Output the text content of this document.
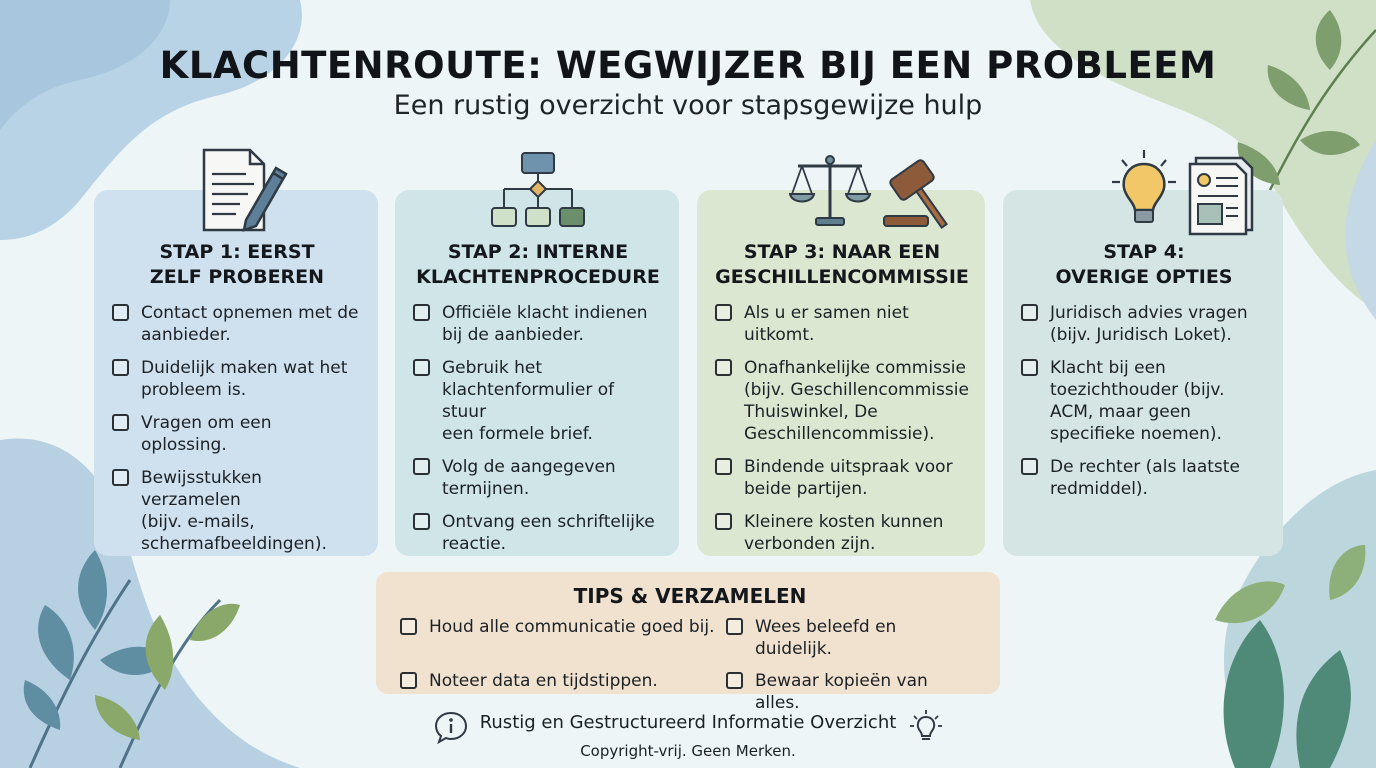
KLACHTENROUTE: WEGWIJZER BIJ EEN PROBLEEM
Een rustig overzicht voor stapsgewijze hulp
STAP 1: EERST
ZELF PROBEREN
Contact opnemen met de
aanbieder.
Duidelijk maken wat het
probleem is.
Vragen om een oplossing.
Bewijsstukken verzamelen
(bijv. e-mails,
schermafbeeldingen).
STAP 2: INTERNE
KLACHTENPROCEDURE
Officiële klacht indienen
bij de aanbieder.
Gebruik het
klachtenformulier of stuur
een formele brief.
Volg de aangegeven
termijnen.
Ontvang een schriftelijke
reactie.
STAP 3: NAAR EEN
GESCHILLENCOMMISSIE
Als u er samen niet uitkomt.
Onafhankelijke commissie
(bijv. Geschillencommissie
Thuiswinkel, De
Geschillencommissie).
Bindende uitspraak voor
beide partijen.
Kleinere kosten kunnen
verbonden zijn.
STAP 4:
OVERIGE OPTIES
Juridisch advies vragen
(bijv. Juridisch Loket).
Klacht bij een
toezichthouder (bijv.
ACM, maar geen
specifieke noemen).
De rechter (als laatste
redmiddel).
TIPS & VERZAMELEN
Houd alle communicatie goed bij. Wees beleefd en duidelijk.
Noteer data en tijdstippen.	Bewaar kopieën van alles.
Rustig en Gestructureerd Informatie Overzicht
Copyright-vrij. Geen Merken.
